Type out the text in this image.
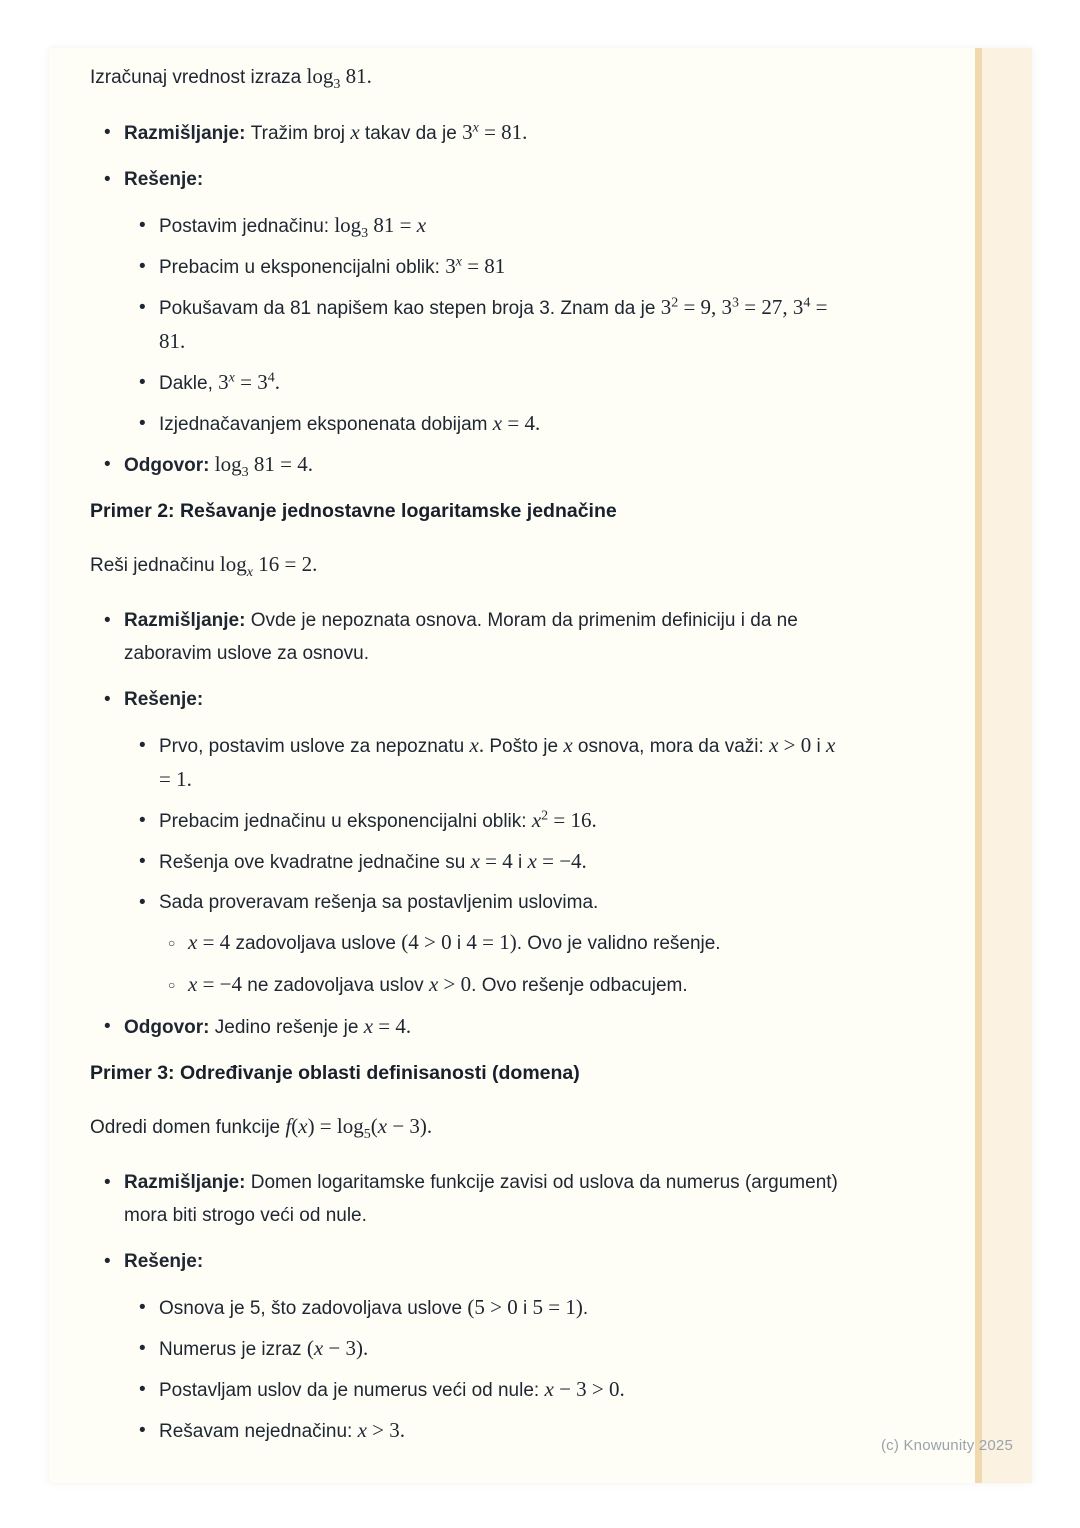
Izračunaj vrednost izraza $\log_3 81$.
• Razmišljanje: Tražim broj x takav da je $3^x = 81$.
• Rešenje:
• Postavim jednačinu: $\log_3 81 = x$
• Prebacim u eksponencijalni oblik: $3^x = 81$
• Pokušavam da 81 napišem kao stepen broja 3. Znam da je $3^2 = 9$, $3^3 = 27$, $3^4 = 81$.
• Dakle, $3^x = 3^4$.
• Izjednačavanjem eksponenata dobijam x = 4.
• Odgovor: $\log_3 81 = 4$.
Primer 2: Rešavanje jednostavne logaritamske jednačine
Reši jednačinu $\log_x 16 = 2$.
• Razmišljanje: Ovde je nepoznata osnova. Moram da primenim definiciju i da ne zaboravim uslove za osnovu.
• Rešenje:
• Prvo, postavim uslove za nepoznatu x. Pošto je x osnova, mora da važi: x > 0 i x = 1.
• Prebacim jednačinu u eksponencijalni oblik: $x^2 = 16$.
• Rešenja ove kvadratne jednačine su x = 4 i x = −4.
• Sada proveravam rešenja sa postavljenim uslovima.
○ x = 4 zadovoljava uslove (4 > 0 i 4 = 1). Ovo je validno rešenje.
○ x = −4 ne zadovoljava uslov x > 0. Ovo rešenje odbacujem.
• Odgovor: Jedino rešenje je x = 4.
Primer 3: Određivanje oblasti definisanosti (domena)
Odredi domen funkcije $f(x) = \log_5(x - 3)$.
• Razmišljanje: Domen logaritamske funkcije zavisi od uslova da numerus (argument) mora biti strogo veći od nule.
• Rešenje:
• Osnova je 5, što zadovoljava uslove (5 > 0 i 5 = 1).
• Numerus je izraz (x − 3).
• Postavljam uslov da je numerus veći od nule: x − 3 > 0.
• Rešavam nejednačinu: x > 3.
(c) Knowunity 2025
